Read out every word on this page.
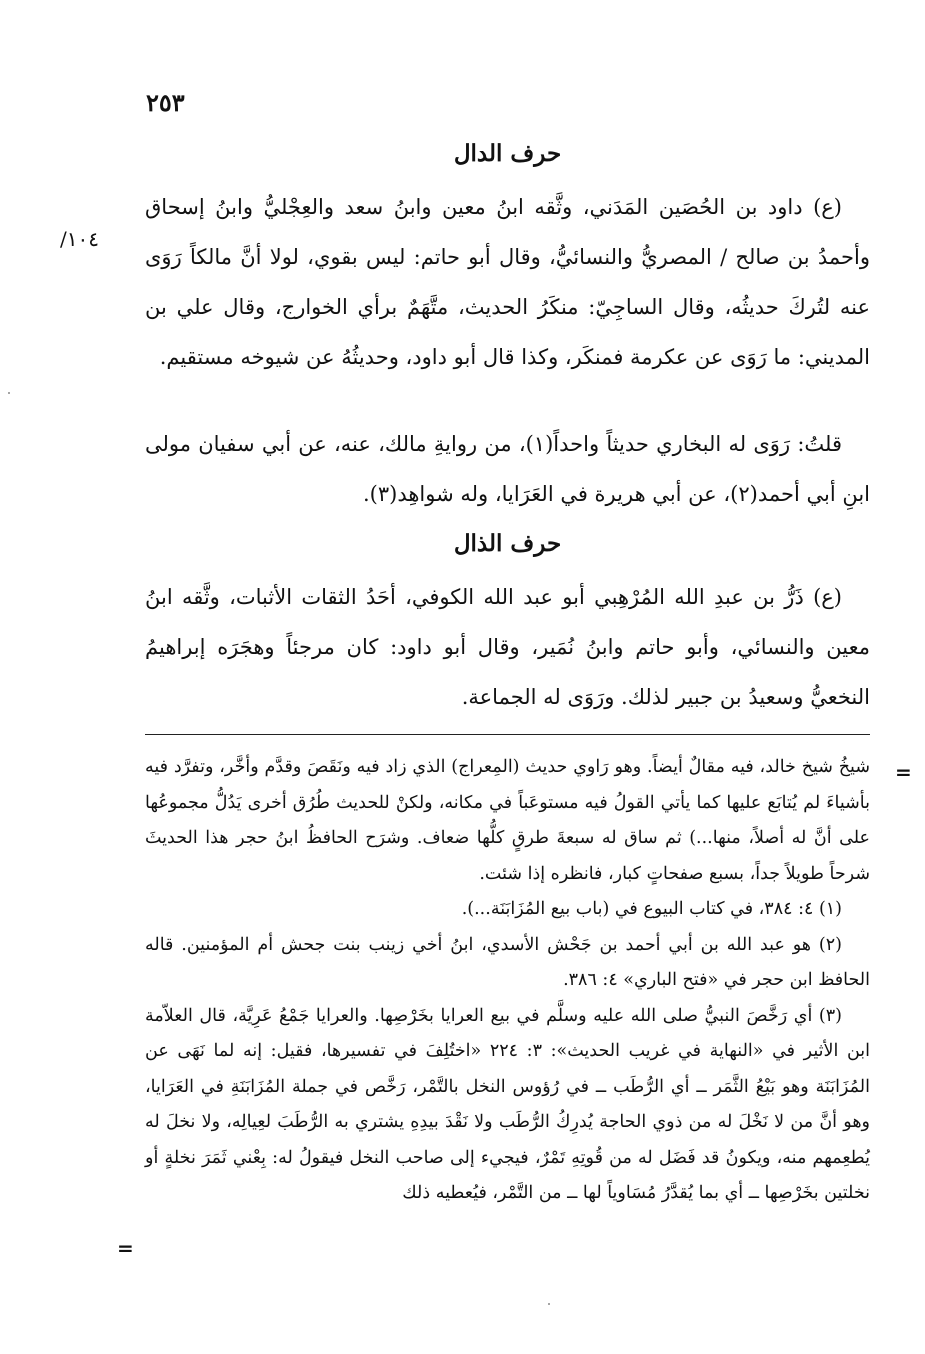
٢٥٣
حرف الدال
١٠٤/

(ع) داود بن الحُصَين المَدَني، وثَّقه ابنُ معين وابنُ سعد والعِجْليُّ وابنُ إسحاق وأحمدُ بن صالح / المصريُّ والنسائيُّ، وقال أبو حاتم: ليس بقوي، لولا أنَّ مالكاً رَوَى عنه لتُركَ حديثُه، وقال الساجِيّ: منكَرُ الحديث، متَّهَمٌ برأي الخوارج، وقال علي بن المديني: ما رَوَى عن عكرمة فمنكَر، وكذا قال أبو داود، وحديثُهُ عن شيوخه مستقيم.

قلتُ: رَوَى له البخاري حديثاً واحداً(١)، من روايةِ مالك، عنه، عن أبي سفيان مولى ابنِ أبي أحمد(٢)، عن أبي هريرة في العَرَايا، وله شواهِد(٣).

حرف الذال

(ع) ذَرُّ بن عبدِ الله المُرْهِبي أبو عبد الله الكوفي، أحَدُ الثقات الأثبات، وثَّقه ابنُ معين والنسائي، وأبو حاتم وابنُ نُمَير، وقال أبو داود: كان مرجئاً وهجَرَه إبراهيمُ النخعيُّ وسعيدُ بن جبير لذلك. ورَوَى له الجماعة.

شيخُ شيخ خالد، فيه مقالٌ أيضاً. وهو رَاوي حديث (المِعراج) الذي زاد فيه ونَقَصَ وقدَّم وأخَّر، وتفرَّد فيه بأشياءَ لم يُتابَع عليها كما يأتي القولُ فيه مستوعَباً في مكانه، ولكنْ للحديث طُرُق أخرى يَدُلُّ مجموعُها على أنَّ له أصلاً، منها...) ثم ساق له سبعةَ طرقٍ كلُّها ضعاف. وشرَح الحافظُ ابنُ حجر هذا الحديثَ شرحاً طويلاً جداً، بسبع صفحاتٍ كبار، فانظره إذا شئت.

(١) ٤: ٣٨٤، في كتاب البيوع في (باب بيع المُزَابَنَة...).

(٢) هو عبد الله بن أبي أحمد بن جَحْش الأسدي، ابنُ أخي زينب بنت جحش أم المؤمنين. قاله الحافظ ابن حجر في «فتح الباري» ٤: ٣٨٦.

(٣) أي رَخَّصَ النبيُّ صلى الله عليه وسلَّم في بيع العرايا بخَرْصِها. والعرايا جَمْعُ عَرِيَّة، قال العلاّمة ابن الأثير في «النهاية في غريب الحديث»: ٣: ٢٢٤ «اختُلِفَ في تفسيرها، فقيل: إنه لما نَهَى عن المُزَابَنَة وهو بَيْعُ الثَّمَر ــ أي الرُّطَب ــ في رُؤوس النخل بالتَّمْر، رَخَّص في جملة المُزَابَنَةِ في العَرَايا، وهو أنَّ من لا نَخْلَ له من ذوي الحاجة يُدرِكُ الرُّطَب ولا نَقْدَ بيدِهِ يشتري به الرُّطَبَ لعِيالِه، ولا نخلَ له يُطعِمهم منه، ويكونُ قد فَضَل له من قُوتِهِ تَمْرٌ، فيجيء إلى صاحب النخل فيقولُ له: بِعْني ثَمَرَ نخلةٍ أو نخلتين بخَرْصِها ــ أي بما يُقدَّرُ مُسَاوياً لها ــ من التَّمْر، فيُعطيه ذلك

=
=
